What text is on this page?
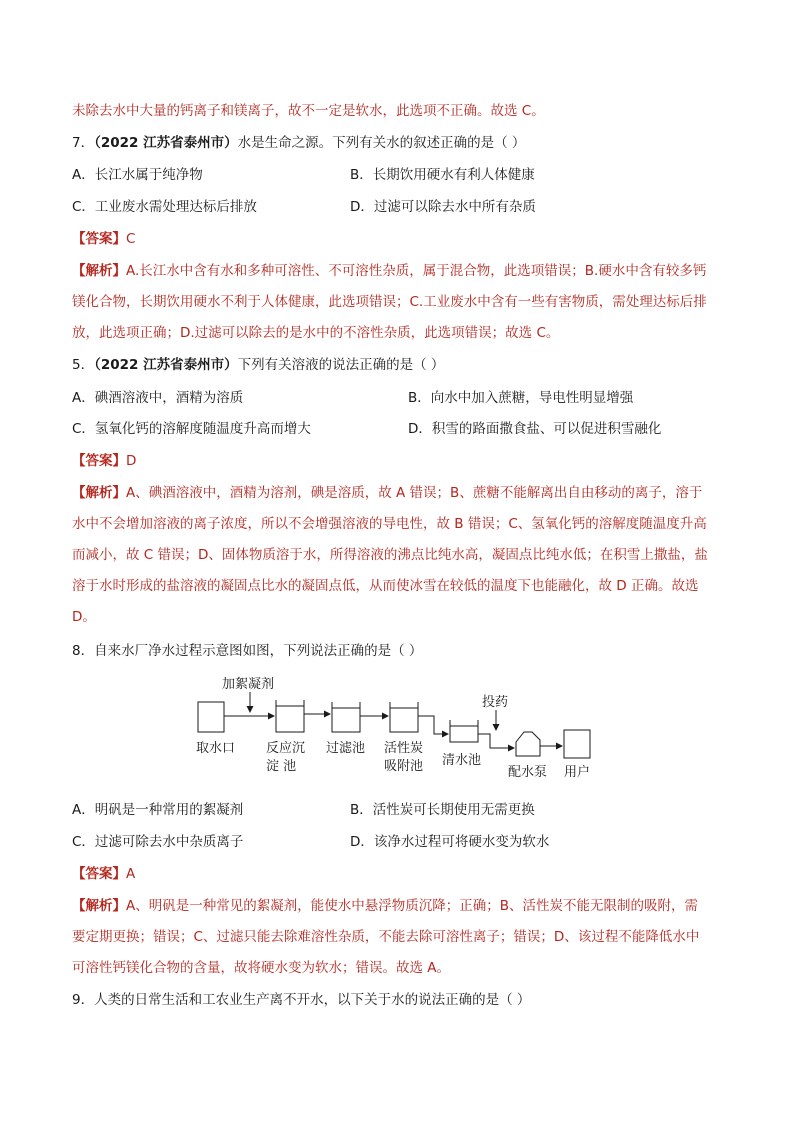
未除去水中大量的钙离子和镁离子，故不一定是软水，此选项不正确。故选 C。
7．（2022 江苏省泰州市）水是生命之源。下列有关水的叙述正确的是（ ）
A．长江水属于纯净物	B．长期饮用硬水有利人体健康
C．工业废水需处理达标后排放	D．过滤可以除去水中所有杂质
【答案】C
【解析】A.长江水中含有水和多种可溶性、不可溶性杂质，属于混合物，此选项错误；B.硬水中含有较多钙
镁化合物，长期饮用硬水不利于人体健康，此选项错误；C.工业废水中含有一些有害物质，需处理达标后排
放，此选项正确；D.过滤可以除去的是水中的不溶性杂质，此选项错误；故选 C。
5．（2022 江苏省泰州市）下列有关溶液的说法正确的是（ ）
A．碘酒溶液中，酒精为溶质	B．向水中加入蔗糖，导电性明显增强
C．氢氧化钙的溶解度随温度升高而增大	D．积雪的路面撒食盐、可以促进积雪融化
【答案】D
【解析】A、碘酒溶液中，酒精为溶剂，碘是溶质，故 A 错误；B、蔗糖不能解离出自由移动的离子，溶于
水中不会增加溶液的离子浓度，所以不会增强溶液的导电性，故 B 错误；C、氢氧化钙的溶解度随温度升高
而减小，故 C 错误；D、固体物质溶于水，所得溶液的沸点比纯水高，凝固点比纯水低；在积雪上撒盐，盐
溶于水时形成的盐溶液的凝固点比水的凝固点低，从而使冰雪在较低的温度下也能融化，故 D 正确。故选
D。
8．自来水厂净水过程示意图如图，下列说法正确的是（ ）
加絮凝剂
投药
取水口 反应沉
淀 池
过滤池 活性炭
吸附池 清水池
配水泵 用户
A．明矾是一种常用的絮凝剂	B．活性炭可长期使用无需更换
C．过滤可除去水中杂质离子	D．该净水过程可将硬水变为软水
【答案】A
【解析】A、明矾是一种常见的絮凝剂，能使水中悬浮物质沉降；正确；B、活性炭不能无限制的吸附，需
要定期更换；错误；C、过滤只能去除难溶性杂质，不能去除可溶性离子；错误；D、该过程不能降低水中
可溶性钙镁化合物的含量，故将硬水变为软水；错误。故选 A。
9．人类的日常生活和工农业生产离不开水，以下关于水的说法正确的是（ ）
